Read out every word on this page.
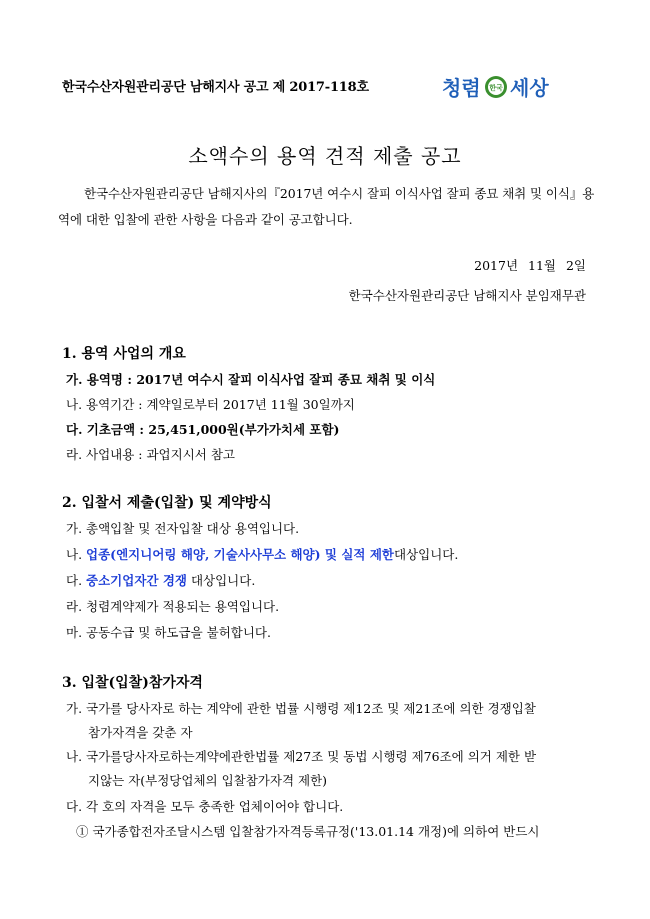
한국수산자원관리공단 남해지사 공고 제 2017-118호	청렴 한국 세상
소액수의 용역 견적 제출 공고
한국수산자원관리공단 남해지사의『2017년 여수시 잘피 이식사업 잘피 종묘 채취 및 이식』용역에 대한 입찰에 관한 사항을 다음과 같이 공고합니다.
2017년 11월 2일
한국수산자원관리공단 남해지사 분임재무관
1. 용역 사업의 개요
가. 용역명 : 2017년 여수시 잘피 이식사업 잘피 종묘 채취 및 이식
나. 용역기간 : 계약일로부터 2017년 11월 30일까지
다. 기초금액 : 25,451,000원(부가가치세 포함)
라. 사업내용 : 과업지시서 참고
2. 입찰서 제출(입찰) 및 계약방식
가. 총액입찰 및 전자입찰 대상 용역입니다.
나. 업종(엔지니어링 해양, 기술사사무소 해양) 및 실적 제한대상입니다.
다. 중소기업자간 경쟁 대상입니다.
라. 청렴계약제가 적용되는 용역입니다.
마. 공동수급 및 하도급을 불허합니다.
3. 입찰(입찰)참가자격
가. 국가를 당사자로 하는 계약에 관한 법률 시행령 제12조 및 제21조에 의한 경쟁입찰
참가자격을 갖춘 자
나. 국가를당사자로하는계약에관한법률 제27조 및 동법 시행령 제76조에 의거 제한 받
지않는 자(부정당업체의 입찰참가자격 제한)
다. 각 호의 자격을 모두 충족한 업체이어야 합니다.
① 국가종합전자조달시스템 입찰참가자격등록규정('13.01.14 개정)에 의하여 반드시
